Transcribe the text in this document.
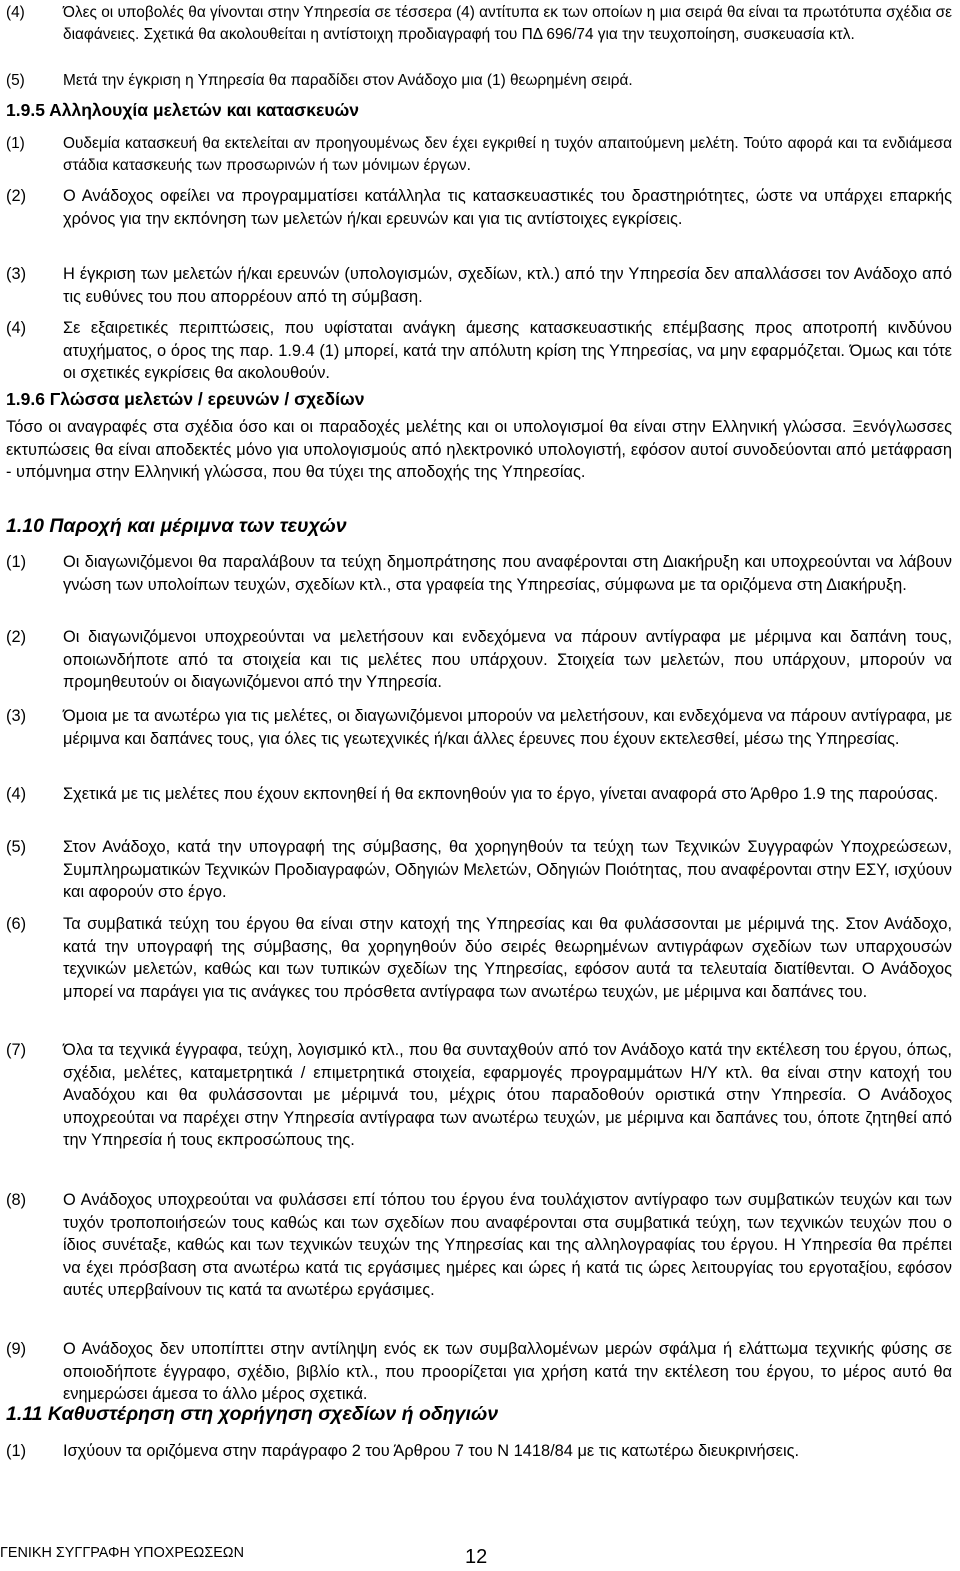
(4) Όλες οι υποβολές θα γίνονται στην Υπηρεσία σε τέσσερα (4) αντίτυπα εκ των οποίων η μια σειρά θα είναι τα πρωτότυπα σχέδια σε διαφάνειες. Σχετικά θα ακολουθείται η αντίστοιχη προδιαγραφή του ΠΔ 696/74 για την τευχοποίηση, συσκευασία κτλ.
(5) Μετά την έγκριση η Υπηρεσία θα παραδίδει στον Ανάδοχο μια (1) θεωρημένη σειρά.
1.9.5 Αλληλουχία μελετών και κατασκευών
(1) Ουδεμία κατασκευή θα εκτελείται αν προηγουμένως δεν έχει εγκριθεί η τυχόν απαιτούμενη μελέτη. Τούτο αφορά και τα ενδιάμεσα στάδια κατασκευής των προσωρινών ή των μόνιμων έργων.
(2) Ο Ανάδοχος οφείλει να προγραμματίσει κατάλληλα τις κατασκευαστικές του δραστηριότητες, ώστε να υπάρχει επαρκής χρόνος για την εκπόνηση των μελετών ή/και ερευνών και για τις αντίστοιχες εγκρίσεις.
(3) Η έγκριση των μελετών ή/και ερευνών (υπολογισμών, σχεδίων, κτλ.) από την Υπηρεσία δεν απαλλάσσει τον Ανάδοχο από τις ευθύνες του που απορρέουν από τη σύμβαση.
(4) Σε εξαιρετικές περιπτώσεις, που υφίσταται ανάγκη άμεσης κατασκευαστικής επέμβασης προς αποτροπή κινδύνου ατυχήματος, ο όρος της παρ. 1.9.4 (1) μπορεί, κατά την απόλυτη κρίση της Υπηρεσίας, να μην εφαρμόζεται. Όμως και τότε οι σχετικές εγκρίσεις θα ακολουθούν.
1.9.6 Γλώσσα μελετών / ερευνών / σχεδίων
Τόσο οι αναγραφές στα σχέδια όσο και οι παραδοχές μελέτης και οι υπολογισμοί θα είναι στην Ελληνική γλώσσα. Ξενόγλωσσες εκτυπώσεις θα είναι αποδεκτές μόνο για υπολογισμούς από ηλεκτρονικό υπολογιστή, εφόσον αυτοί συνοδεύονται από μετάφραση - υπόμνημα στην Ελληνική γλώσσα, που θα τύχει της αποδοχής της Υπηρεσίας.
1.10 Παροχή και μέριμνα των τευχών
(1) Οι διαγωνιζόμενοι θα παραλάβουν τα τεύχη δημοπράτησης που αναφέρονται στη Διακήρυξη και υποχρεούνται να λάβουν γνώση των υπολοίπων τευχών, σχεδίων κτλ., στα γραφεία της Υπηρεσίας, σύμφωνα με τα οριζόμενα στη Διακήρυξη.
(2) Οι διαγωνιζόμενοι υποχρεούνται να μελετήσουν και ενδεχόμενα να πάρουν αντίγραφα με μέριμνα και δαπάνη τους, οποιωνδήποτε από τα στοιχεία και τις μελέτες που υπάρχουν. Στοιχεία των μελετών, που υπάρχουν, μπορούν να προμηθευτούν οι διαγωνιζόμενοι από την Υπηρεσία.
(3) Όμοια με τα ανωτέρω για τις μελέτες, οι διαγωνιζόμενοι μπορούν να μελετήσουν, και ενδεχόμενα να πάρουν αντίγραφα, με μέριμνα και δαπάνες τους, για όλες τις γεωτεχνικές ή/και άλλες έρευνες που έχουν εκτελεσθεί, μέσω της Υπηρεσίας.
(4) Σχετικά με τις μελέτες που έχουν εκπονηθεί ή θα εκπονηθούν για το έργο, γίνεται αναφορά στο Άρθρο 1.9 της παρούσας.
(5) Στον Ανάδοχο, κατά την υπογραφή της σύμβασης, θα χορηγηθούν τα τεύχη των Τεχνικών Συγγραφών Υποχρεώσεων, Συμπληρωματικών Τεχνικών Προδιαγραφών, Οδηγιών Μελετών, Οδηγιών Ποιότητας, που αναφέρονται στην ΕΣΥ, ισχύουν και αφορούν στο έργο.
(6) Τα συμβατικά τεύχη του έργου θα είναι στην κατοχή της Υπηρεσίας και θα φυλάσσονται με μέριμνά της. Στον Ανάδοχο, κατά την υπογραφή της σύμβασης, θα χορηγηθούν δύο σειρές θεωρημένων αντιγράφων σχεδίων των υπαρχουσών τεχνικών μελετών, καθώς και των τυπικών σχεδίων της Υπηρεσίας, εφόσον αυτά τα τελευταία διατίθενται. Ο Ανάδοχος μπορεί να παράγει για τις ανάγκες του πρόσθετα αντίγραφα των ανωτέρω τευχών, με μέριμνα και δαπάνες του.
(7) Όλα τα τεχνικά έγγραφα, τεύχη, λογισμικό κτλ., που θα συνταχθούν από τον Ανάδοχο κατά την εκτέλεση του έργου, όπως, σχέδια, μελέτες, καταμετρητικά / επιμετρητικά στοιχεία, εφαρμογές προγραμμάτων Η/Υ κτλ. θα είναι στην κατοχή του Αναδόχου και θα φυλάσσονται με μέριμνά του, μέχρις ότου παραδοθούν οριστικά στην Υπηρεσία. Ο Ανάδοχος υποχρεούται να παρέχει στην Υπηρεσία αντίγραφα των ανωτέρω τευχών, με μέριμνα και δαπάνες του, όποτε ζητηθεί από την Υπηρεσία ή τους εκπροσώπους της.
(8) Ο Ανάδοχος υποχρεούται να φυλάσσει επί τόπου του έργου ένα τουλάχιστον αντίγραφο των συμβατικών τευχών και των τυχόν τροποποιήσεών τους καθώς και των σχεδίων που αναφέρονται στα συμβατικά τεύχη, των τεχνικών τευχών που ο ίδιος συνέταξε, καθώς και των τεχνικών τευχών της Υπηρεσίας και της αλληλογραφίας του έργου. Η Υπηρεσία θα πρέπει να έχει πρόσβαση στα ανωτέρω κατά τις εργάσιμες ημέρες και ώρες ή κατά τις ώρες λειτουργίας του εργοταξίου, εφόσον αυτές υπερβαίνουν τις κατά τα ανωτέρω εργάσιμες.
(9) Ο Ανάδοχος δεν υποπίπτει στην αντίληψη ενός εκ των συμβαλλομένων μερών σφάλμα ή ελάττωμα τεχνικής φύσης σε οποιοδήποτε έγγραφο, σχέδιο, βιβλίο κτλ., που προορίζεται για χρήση κατά την εκτέλεση του έργου, το μέρος αυτό θα ενημερώσει άμεσα το άλλο μέρος σχετικά.
1.11 Καθυστέρηση στη χορήγηση σχεδίων ή οδηγιών
(1) Ισχύουν τα οριζόμενα στην παράγραφο 2 του Άρθρου 7 του Ν 1418/84 με τις κατωτέρω διευκρινήσεις.
ΓΕΝΙΚΗ ΣΥΓΓΡΑΦΗ ΥΠΟΧΡΕΩΣΕΩΝ	12
